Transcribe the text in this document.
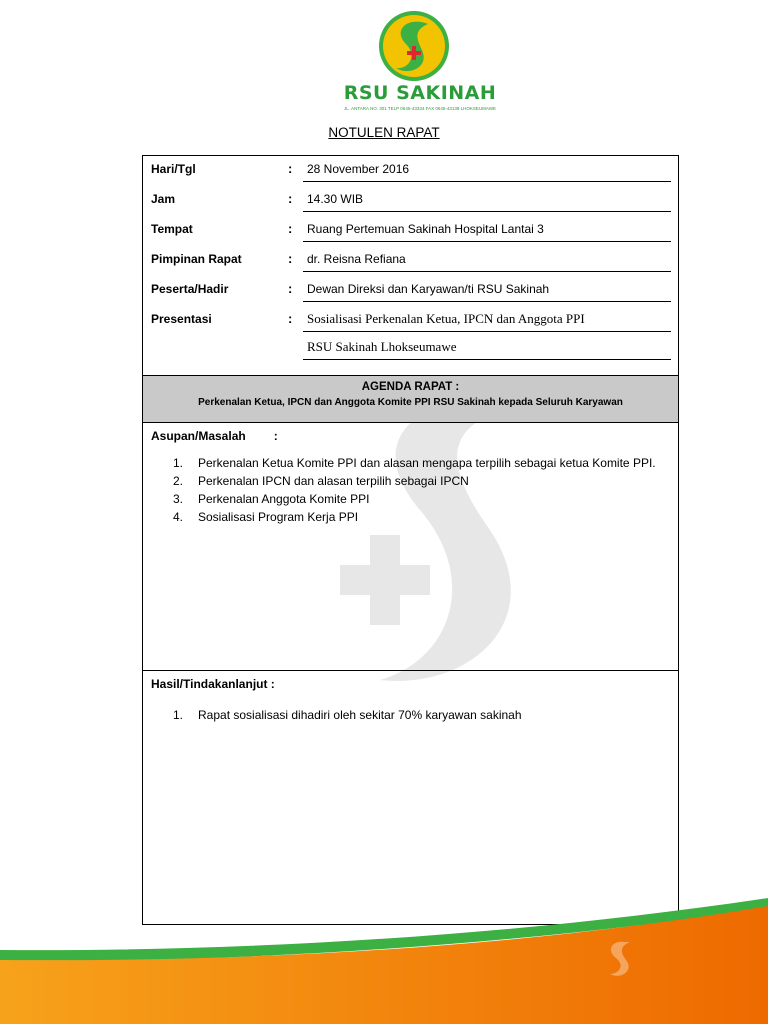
RSU SAKINAH
JL. ANTARA NO. 301 TELP 0645-43334 FAX 0645-43138 LHOKSEUMAWE
NOTULEN RAPAT
Hari/Tgl	: 28 November 2016
Jam	: 14.30 WIB
Tempat	: Ruang Pertemuan Sakinah Hospital Lantai 3
Pimpinan Rapat	: dr. Reisna Refiana
Peserta/Hadir	: Dewan Direksi dan Karyawan/ti RSU Sakinah
Presentasi	: Sosialisasi Perkenalan Ketua, IPCN dan Anggota PPI
RSU Sakinah Lhokseumawe
AGENDA RAPAT :
Perkenalan Ketua, IPCN dan Anggota Komite PPI RSU Sakinah kepada Seluruh Karyawan
Asupan/Masalah :
1. Perkenalan Ketua Komite PPI dan alasan mengapa terpilih sebagai ketua Komite PPI.
2. Perkenalan IPCN dan alasan terpilih sebagai IPCN
3. Perkenalan Anggota Komite PPI
4. Sosialisasi Program Kerja PPI
Hasil/Tindakanlanjut :
1. Rapat sosialisasi dihadiri oleh sekitar 70% karyawan sakinah
